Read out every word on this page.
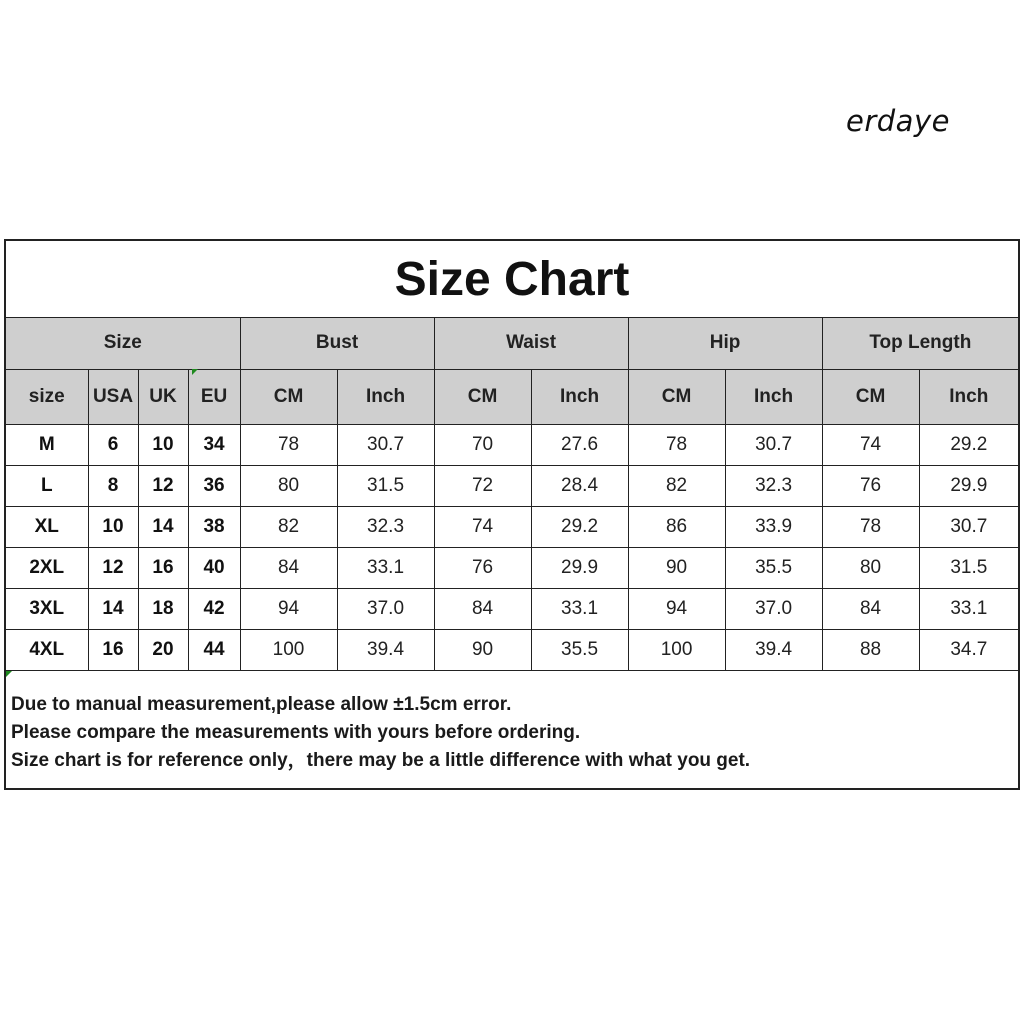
erdaye
Size Chart
Size				Bust		Waist		Hip		Top Length	
size	USA	UK	EU	CM	Inch	CM	Inch	CM	Inch	CM	Inch
M	6	10	34	78	30.7	70	27.6	78	30.7	74	29.2
L	8	12	36	80	31.5	72	28.4	82	32.3	76	29.9
XL	10	14	38	82	32.3	74	29.2	86	33.9	78	30.7
2XL	12	16	40	84	33.1	76	29.9	90	35.5	80	31.5
3XL	14	18	42	94	37.0	84	33.1	94	37.0	84	33.1
4XL	16	20	44	100	39.4	90	35.5	100	39.4	88	34.7
Due to manual measurement,please allow ±1.5cm error.
Please compare the measurements with yours before ordering.
Size chart is for reference only，there may be a little difference with what you get.
